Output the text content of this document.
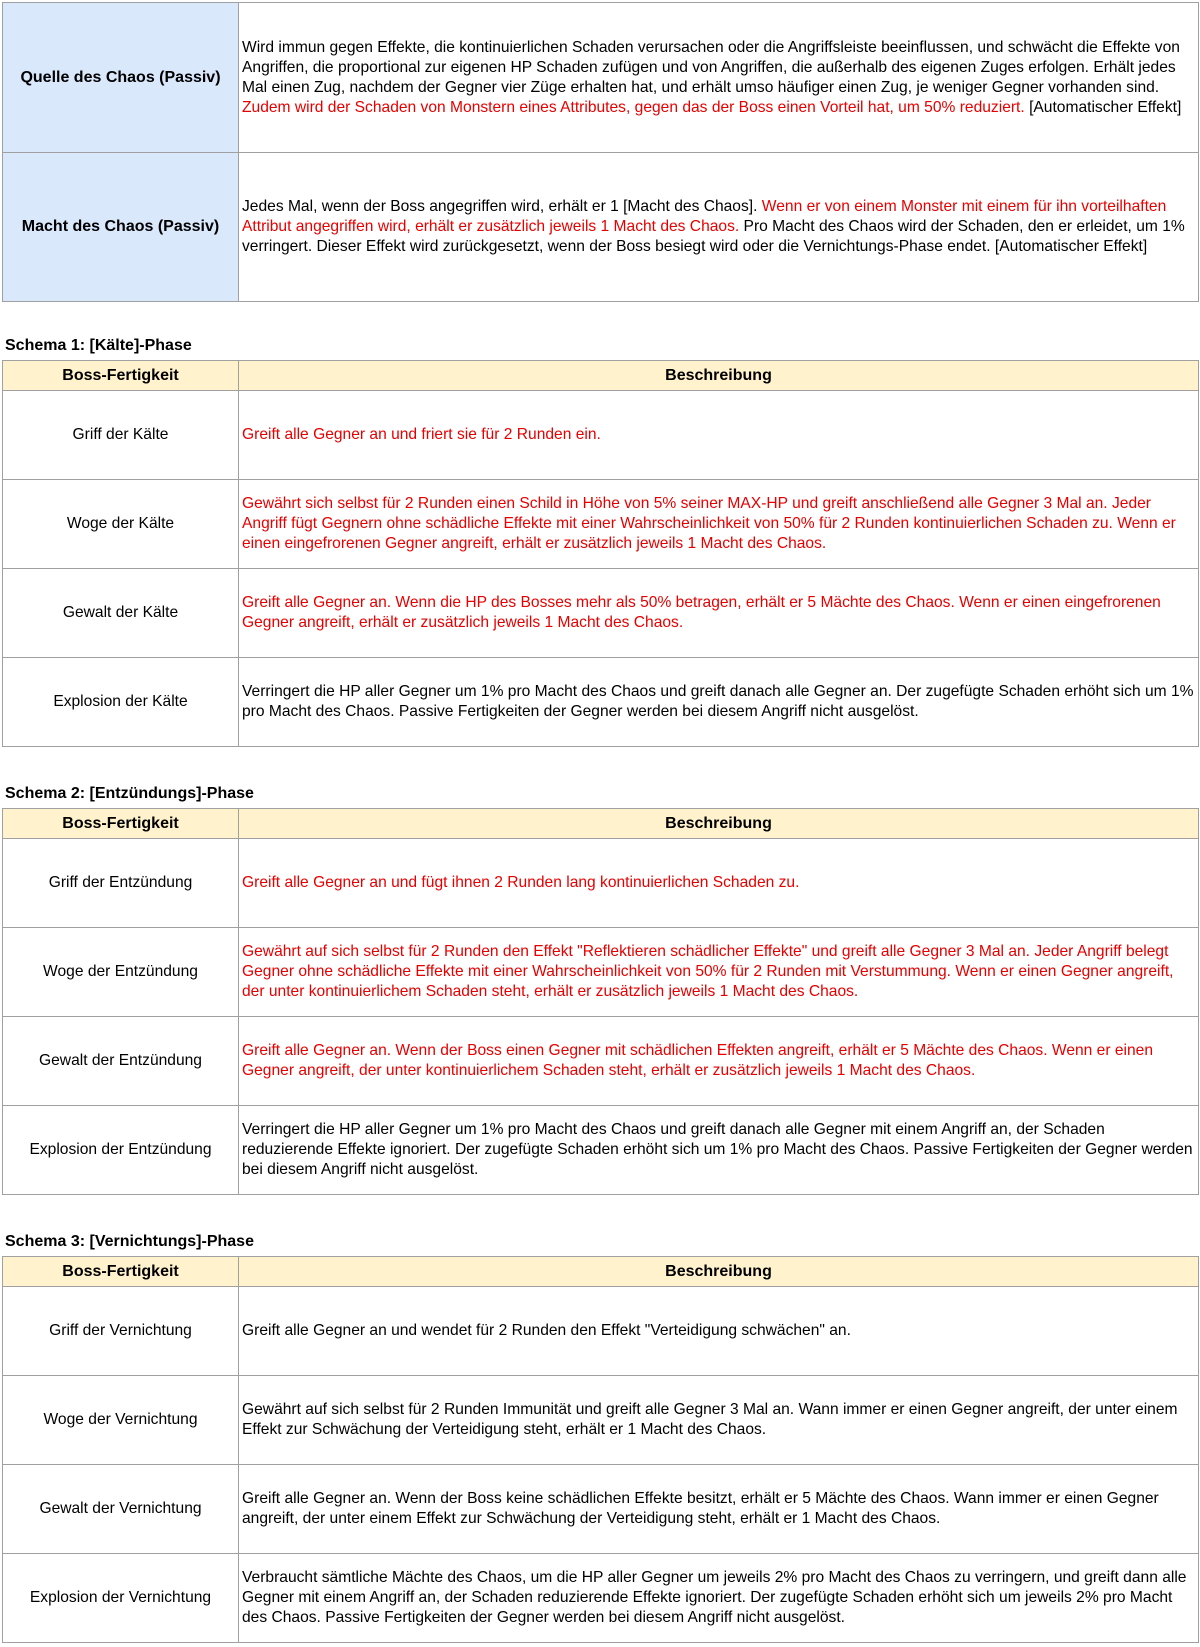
Quelle des Chaos (Passiv)	Wird immun gegen Effekte, die kontinuierlichen Schaden verursachen oder die Angriffsleiste beeinflussen, und schwächt die Effekte von Angriffen, die proportional zur eigenen HP Schaden zufügen und von Angriffen, die außerhalb des eigenen Zuges erfolgen. Erhält jedes Mal einen Zug, nachdem der Gegner vier Züge erhalten hat, und erhält umso häufiger einen Zug, je weniger Gegner vorhanden sind. Zudem wird der Schaden von Monstern eines Attributes, gegen das der Boss einen Vorteil hat, um 50% reduziert. [Automatischer Effekt]
Macht des Chaos (Passiv)	Jedes Mal, wenn der Boss angegriffen wird, erhält er 1 [Macht des Chaos]. Wenn er von einem Monster mit einem für ihn vorteilhaften Attribut angegriffen wird, erhält er zusätzlich jeweils 1 Macht des Chaos. Pro Macht des Chaos wird der Schaden, den er erleidet, um 1% verringert. Dieser Effekt wird zurückgesetzt, wenn der Boss besiegt wird oder die Vernichtungs-Phase endet. [Automatischer Effekt]
Schema 1: [Kälte]-Phase
Boss-Fertigkeit	Beschreibung
Griff der Kälte	Greift alle Gegner an und friert sie für 2 Runden ein.
Woge der Kälte	Gewährt sich selbst für 2 Runden einen Schild in Höhe von 5% seiner MAX-HP und greift anschließend alle Gegner 3 Mal an. Jeder Angriff fügt Gegnern ohne schädliche Effekte mit einer Wahrscheinlichkeit von 50% für 2 Runden kontinuierlichen Schaden zu. Wenn er einen eingefrorenen Gegner angreift, erhält er zusätzlich jeweils 1 Macht des Chaos.
Gewalt der Kälte	Greift alle Gegner an. Wenn die HP des Bosses mehr als 50% betragen, erhält er 5 Mächte des Chaos. Wenn er einen eingefrorenen Gegner angreift, erhält er zusätzlich jeweils 1 Macht des Chaos.
Explosion der Kälte	Verringert die HP aller Gegner um 1% pro Macht des Chaos und greift danach alle Gegner an. Der zugefügte Schaden erhöht sich um 1% pro Macht des Chaos. Passive Fertigkeiten der Gegner werden bei diesem Angriff nicht ausgelöst.
Schema 2: [Entzündungs]-Phase
Boss-Fertigkeit	Beschreibung
Griff der Entzündung	Greift alle Gegner an und fügt ihnen 2 Runden lang kontinuierlichen Schaden zu.
Woge der Entzündung	Gewährt auf sich selbst für 2 Runden den Effekt "Reflektieren schädlicher Effekte" und greift alle Gegner 3 Mal an. Jeder Angriff belegt Gegner ohne schädliche Effekte mit einer Wahrscheinlichkeit von 50% für 2 Runden mit Verstummung. Wenn er einen Gegner angreift, der unter kontinuierlichem Schaden steht, erhält er zusätzlich jeweils 1 Macht des Chaos.
Gewalt der Entzündung	Greift alle Gegner an. Wenn der Boss einen Gegner mit schädlichen Effekten angreift, erhält er 5 Mächte des Chaos. Wenn er einen Gegner angreift, der unter kontinuierlichem Schaden steht, erhält er zusätzlich jeweils 1 Macht des Chaos.
Explosion der Entzündung	Verringert die HP aller Gegner um 1% pro Macht des Chaos und greift danach alle Gegner mit einem Angriff an, der Schaden reduzierende Effekte ignoriert. Der zugefügte Schaden erhöht sich um 1% pro Macht des Chaos. Passive Fertigkeiten der Gegner werden bei diesem Angriff nicht ausgelöst.
Schema 3: [Vernichtungs]-Phase
Boss-Fertigkeit	Beschreibung
Griff der Vernichtung	Greift alle Gegner an und wendet für 2 Runden den Effekt "Verteidigung schwächen" an.
Woge der Vernichtung	Gewährt auf sich selbst für 2 Runden Immunität und greift alle Gegner 3 Mal an. Wann immer er einen Gegner angreift, der unter einem Effekt zur Schwächung der Verteidigung steht, erhält er 1 Macht des Chaos.
Gewalt der Vernichtung	Greift alle Gegner an. Wenn der Boss keine schädlichen Effekte besitzt, erhält er 5 Mächte des Chaos. Wann immer er einen Gegner angreift, der unter einem Effekt zur Schwächung der Verteidigung steht, erhält er 1 Macht des Chaos.
Explosion der Vernichtung	Verbraucht sämtliche Mächte des Chaos, um die HP aller Gegner um jeweils 2% pro Macht des Chaos zu verringern, und greift dann alle Gegner mit einem Angriff an, der Schaden reduzierende Effekte ignoriert. Der zugefügte Schaden erhöht sich um jeweils 2% pro Macht des Chaos. Passive Fertigkeiten der Gegner werden bei diesem Angriff nicht ausgelöst.
